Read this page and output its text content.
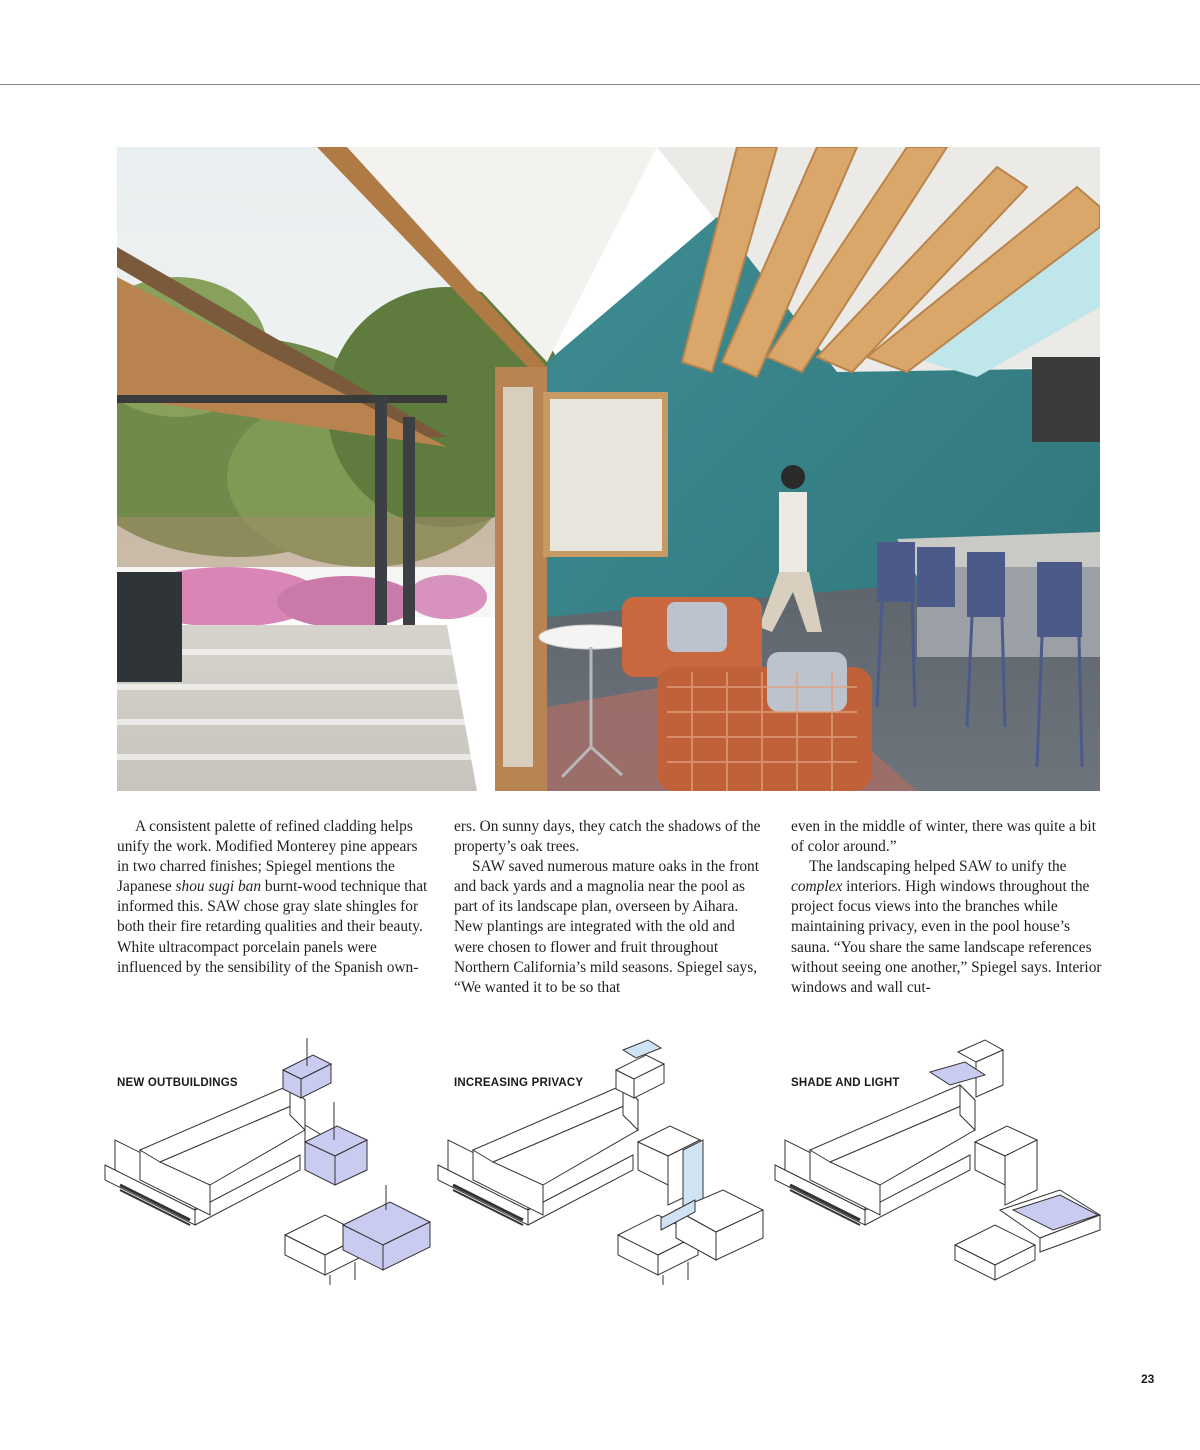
A consistent palette of refined cladding helps unify the work. Modified Monterey pine appears in two charred finishes; Spiegel mentions the Japanese shou sugi ban burnt-wood technique that informed this. SAW chose gray slate shingles for both their fire retarding qualities and their beauty. White ultracompact porcelain panels were influenced by the sensibility of the Spanish own-

ers. On sunny days, they catch the shadows of the property’s oak trees.

SAW saved numerous mature oaks in the front and back yards and a magnolia near the pool as part of its landscape plan, overseen by Aihara. New plantings are integrated with the old and were chosen to flower and fruit throughout Northern California’s mild seasons. Spiegel says, “We wanted it to be so that

even in the middle of winter, there was quite a bit of color around.”

The landscaping helped SAW to unify the complex interiors. High windows throughout the project focus views into the branches while maintaining privacy, even in the pool house’s sauna. “You share the same landscape references without seeing one another,” Spiegel says. Interior windows and wall cut-

NEW OUTBUILDINGS	INCREASING PRIVACY	SHADE AND LIGHT
23
